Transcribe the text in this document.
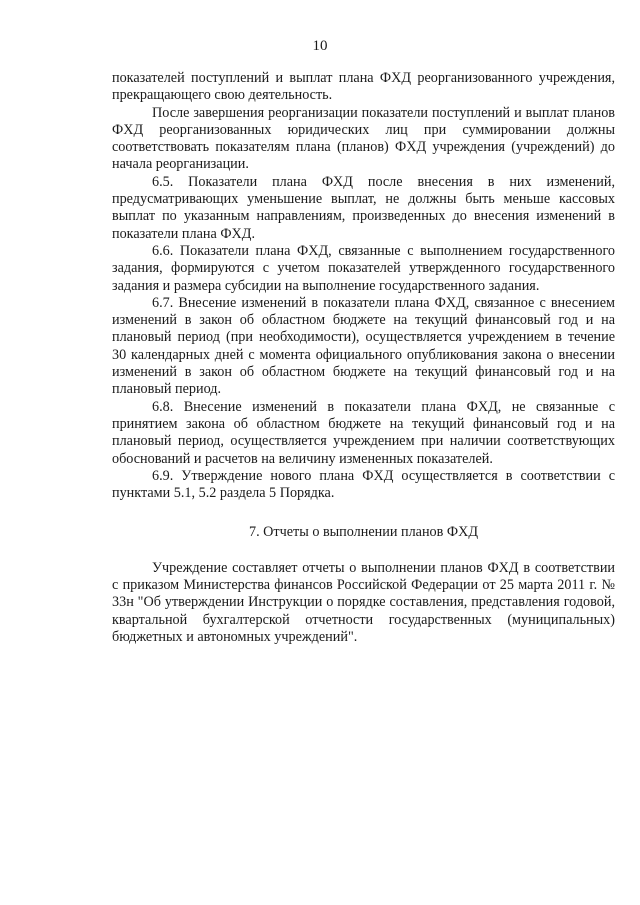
10

показателей поступлений и выплат плана ФХД реорганизованного учреждения, прекращающего свою деятельность.

После завершения реорганизации показатели поступлений и выплат планов ФХД реорганизованных юридических лиц при суммировании должны соответствовать показателям плана (планов) ФХД учреждения (учреждений) до начала реорганизации.

6.5. Показатели плана ФХД после внесения в них изменений, предусматривающих уменьшение выплат, не должны быть меньше кассовых выплат по указанным направлениям, произведенных до внесения изменений в показатели плана ФХД.

6.6. Показатели плана ФХД, связанные с выполнением государственного задания, формируются с учетом показателей утвержденного государственного задания и размера субсидии на выполнение государственного задания.

6.7. Внесение изменений в показатели плана ФХД, связанное с внесением изменений в закон об областном бюджете на текущий финансовый год и на плановый период (при необходимости), осуществляется учреждением в течение 30 календарных дней с момента официального опубликования закона о внесении изменений в закон об областном бюджете на текущий финансовый год и на плановый период.

6.8. Внесение изменений в показатели плана ФХД, не связанные с принятием закона об областном бюджете на текущий финансовый год и на плановый период, осуществляется учреждением при наличии соответствующих обоснований и расчетов на величину измененных показателей.

6.9. Утверждение нового плана ФХД осуществляется в соответствии с пунктами 5.1, 5.2 раздела 5 Порядка.

7. Отчеты о выполнении планов ФХД

Учреждение составляет отчеты о выполнении планов ФХД в соответствии с приказом Министерства финансов Российской Федерации от 25 марта 2011 г. № 33н "Об утверждении Инструкции о порядке составления, представления годовой, квартальной бухгалтерской отчетности государственных (муниципальных) бюджетных и автономных учреждений".
